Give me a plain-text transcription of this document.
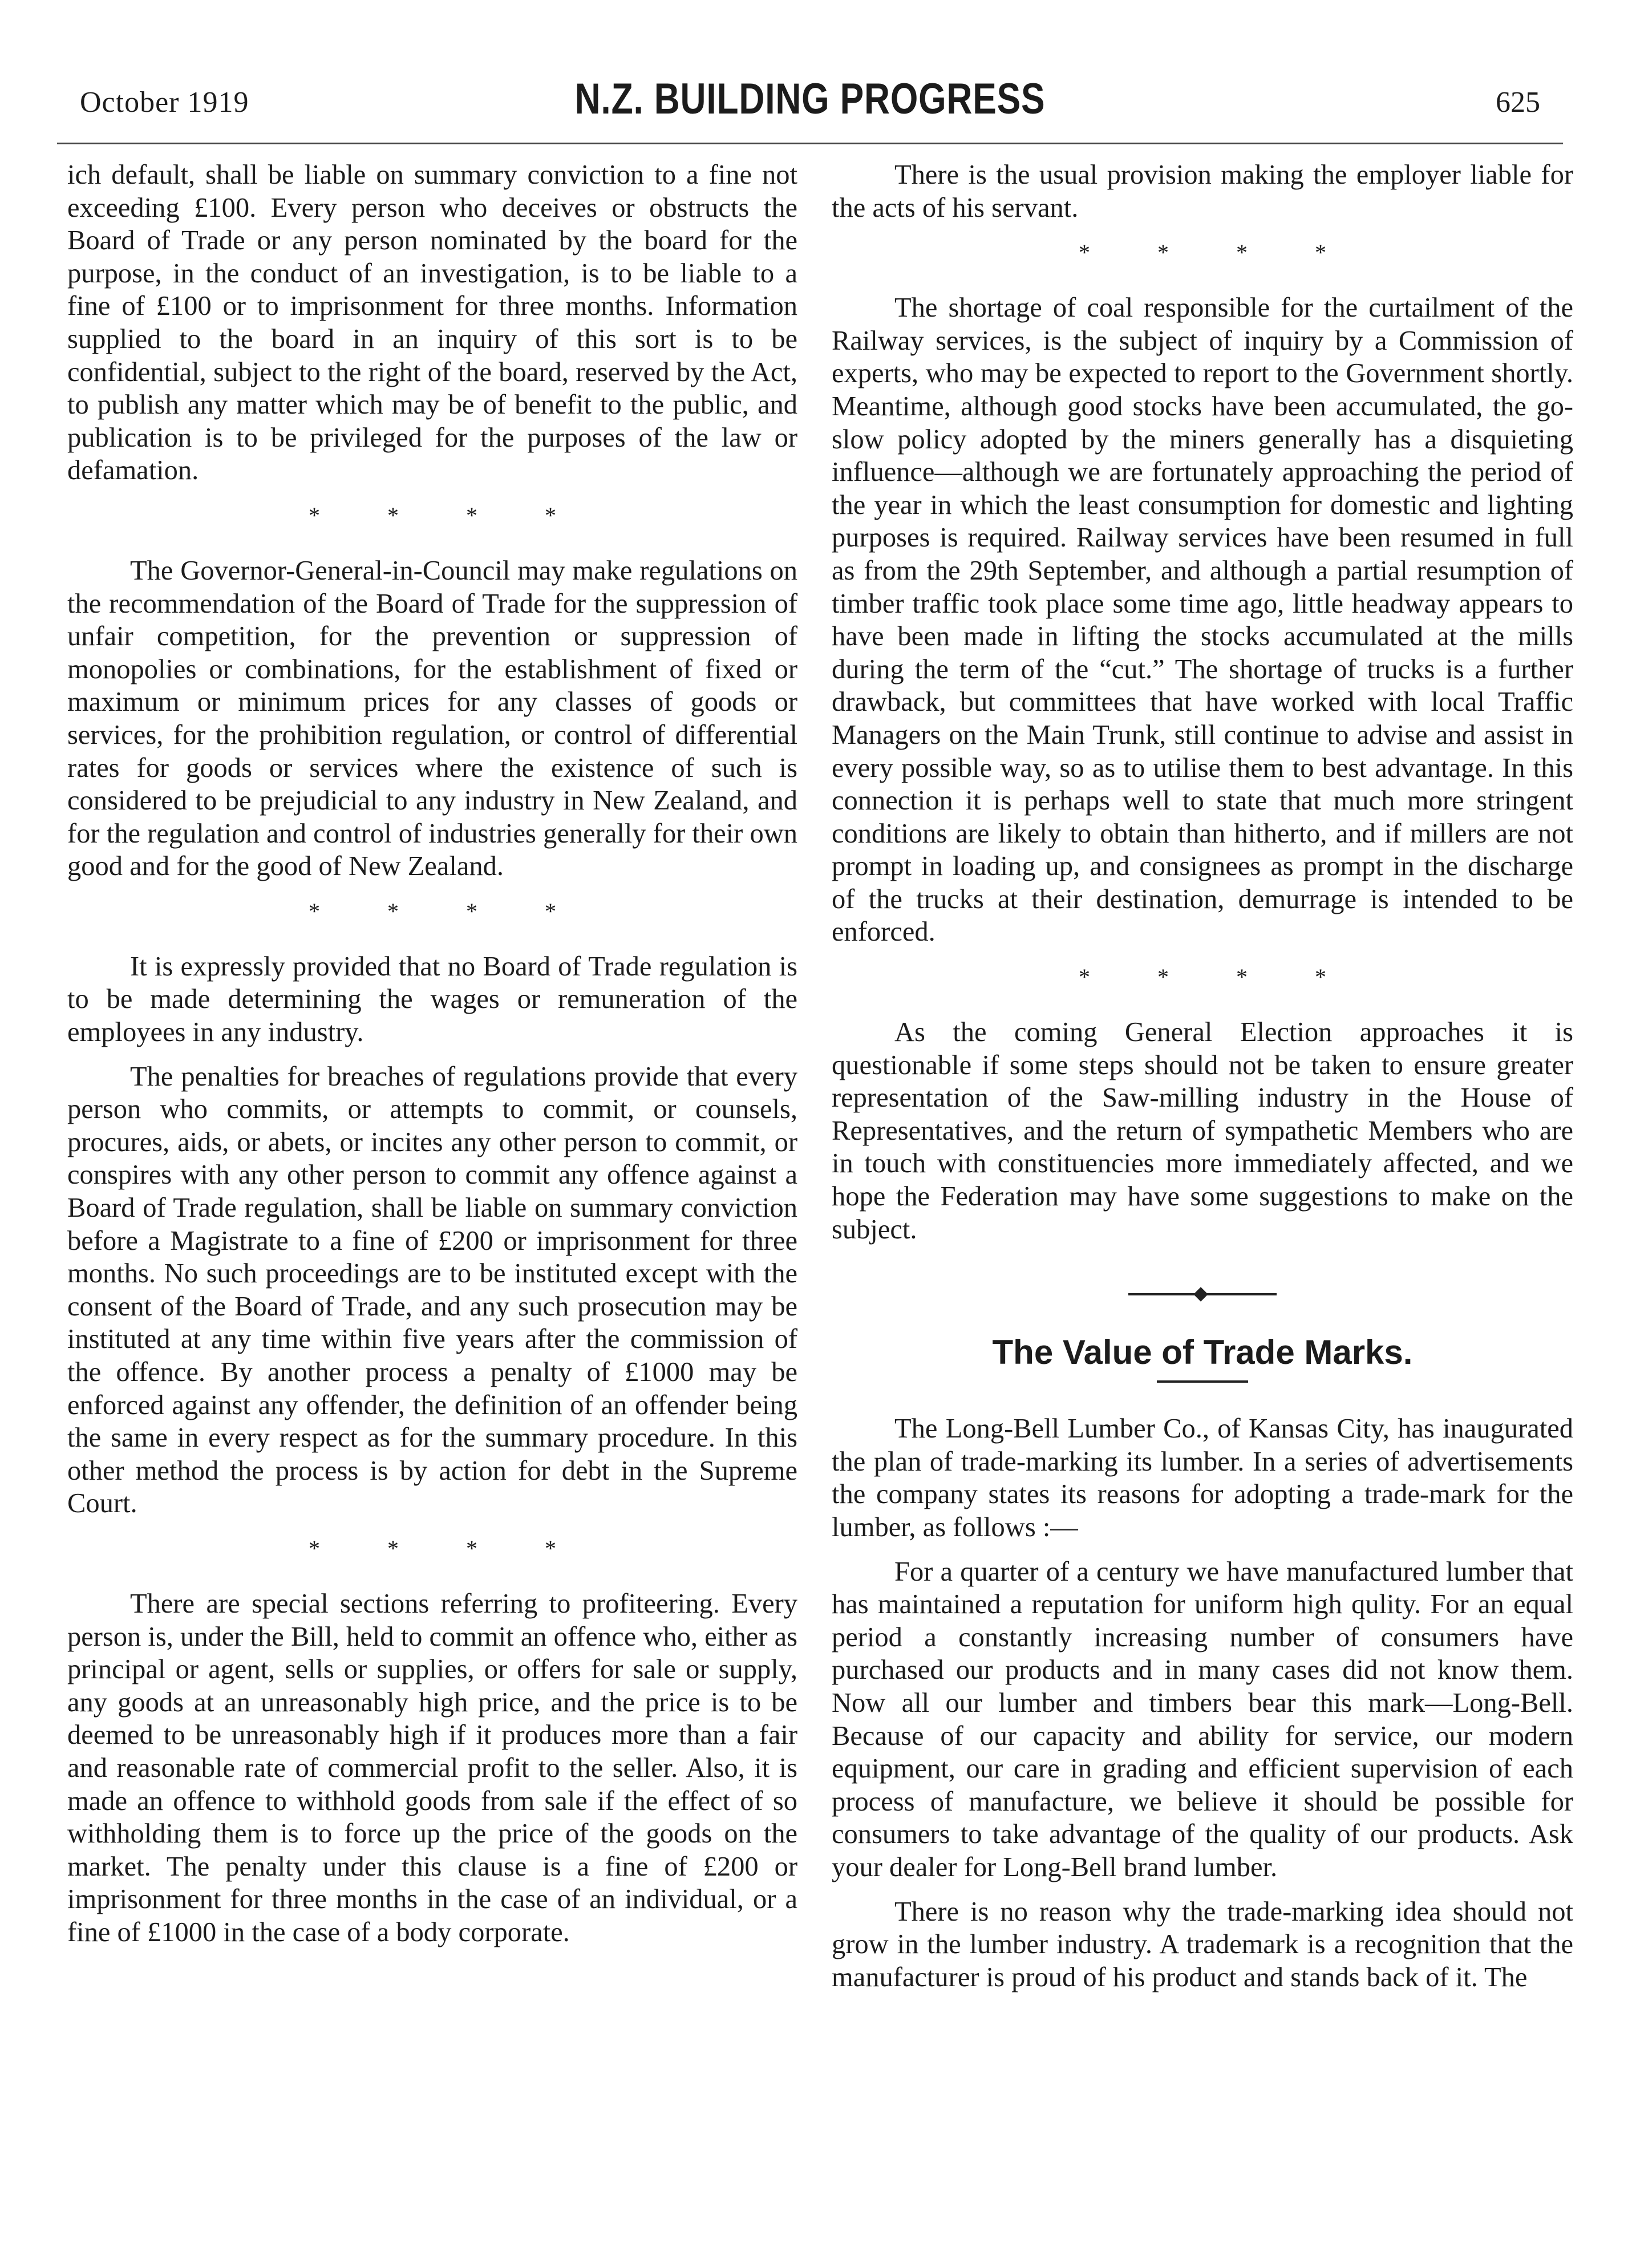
October 1919	N.Z. BUILDING PROGRESS	625

ich default, shall be liable on summary conviction to a fine not exceeding £100. Every person who deceives or obstructs the Board of Trade or any person nominated by the board for the purpose, in the conduct of an investigation, is to be liable to a fine of £100 or to imprisonment for three months. Information supplied to the board in an inquiry of this sort is to be confidential, subject to the right of the board, reserved by the Act, to publish any matter which may be of benefit to the public, and publication is to be privileged for the purposes of the law or defamation.

* * * *

The Governor-General-in-Council may make regulations on the recommendation of the Board of Trade for the suppression of unfair competition, for the prevention or suppression of monopolies or combinations, for the establishment of fixed or maximum or minimum prices for any classes of goods or services, for the prohibition regulation, or control of differential rates for goods or services where the existence of such is considered to be prejudicial to any industry in New Zealand, and for the regulation and control of industries generally for their own good and for the good of New Zealand.

* * * *

It is expressly provided that no Board of Trade regulation is to be made determining the wages or remuneration of the employees in any industry.

The penalties for breaches of regulations provide that every person who commits, or attempts to commit, or counsels, procures, aids, or abets, or incites any other person to commit, or conspires with any other person to commit any offence against a Board of Trade regulation, shall be liable on summary conviction before a Magistrate to a fine of £200 or imprisonment for three months. No such proceedings are to be instituted except with the consent of the Board of Trade, and any such prosecution may be instituted at any time within five years after the commission of the offence. By another process a penalty of £1000 may be enforced against any offender, the definition of an offender being the same in every respect as for the summary procedure. In this other method the process is by action for debt in the Supreme Court.

* * * *

There are special sections referring to profiteering. Every person is, under the Bill, held to commit an offence who, either as principal or agent, sells or supplies, or offers for sale or supply, any goods at an unreasonably high price, and the price is to be deemed to be unreasonably high if it produces more than a fair and reasonable rate of commercial profit to the seller. Also, it is made an offence to withhold goods from sale if the effect of so withholding them is to force up the price of the goods on the market. The penalty under this clause is a fine of £200 or imprisonment for three months in the case of an individual, or a fine of £1000 in the case of a body corporate.

There is the usual provision making the employer liable for the acts of his servant.

* * * *

The shortage of coal responsible for the curtailment of the Railway services, is the subject of inquiry by a Commission of experts, who may be expected to report to the Government shortly. Meantime, although good stocks have been accumulated, the go-slow policy adopted by the miners generally has a disquieting influence—although we are fortunately approaching the period of the year in which the least consumption for domestic and lighting purposes is required. Railway services have been resumed in full as from the 29th September, and although a partial resumption of timber traffic took place some time ago, little headway appears to have been made in lifting the stocks accumulated at the mills during the term of the “cut.” The shortage of trucks is a further drawback, but committees that have worked with local Traffic Managers on the Main Trunk, still continue to advise and assist in every possible way, so as to utilise them to best advantage. In this connection it is perhaps well to state that much more stringent conditions are likely to obtain than hitherto, and if millers are not prompt in loading up, and consignees as prompt in the discharge of the trucks at their destination, demurrage is intended to be enforced.

* * * *

As the coming General Election approaches it is questionable if some steps should not be taken to ensure greater representation of the Saw-milling industry in the House of Representatives, and the return of sympathetic Members who are in touch with constituencies more immediately affected, and we hope the Federation may have some suggestions to make on the subject.

The Value of Trade Marks.

The Long-Bell Lumber Co., of Kansas City, has inaugurated the plan of trade-marking its lumber. In a series of advertisements the company states its reasons for adopting a trade-mark for the lumber, as follows :—

For a quarter of a century we have manufactured lumber that has maintained a reputation for uniform high qulity. For an equal period a constantly increasing number of consumers have purchased our products and in many cases did not know them. Now all our lumber and timbers bear this mark—Long-Bell. Because of our capacity and ability for service, our modern equipment, our care in grading and efficient supervision of each process of manufacture, we believe it should be possible for consumers to take advantage of the quality of our products. Ask your dealer for Long-Bell brand lumber.

There is no reason why the trade-marking idea should not grow in the lumber industry. A trademark is a recognition that the manufacturer is proud of his product and stands back of it. The
